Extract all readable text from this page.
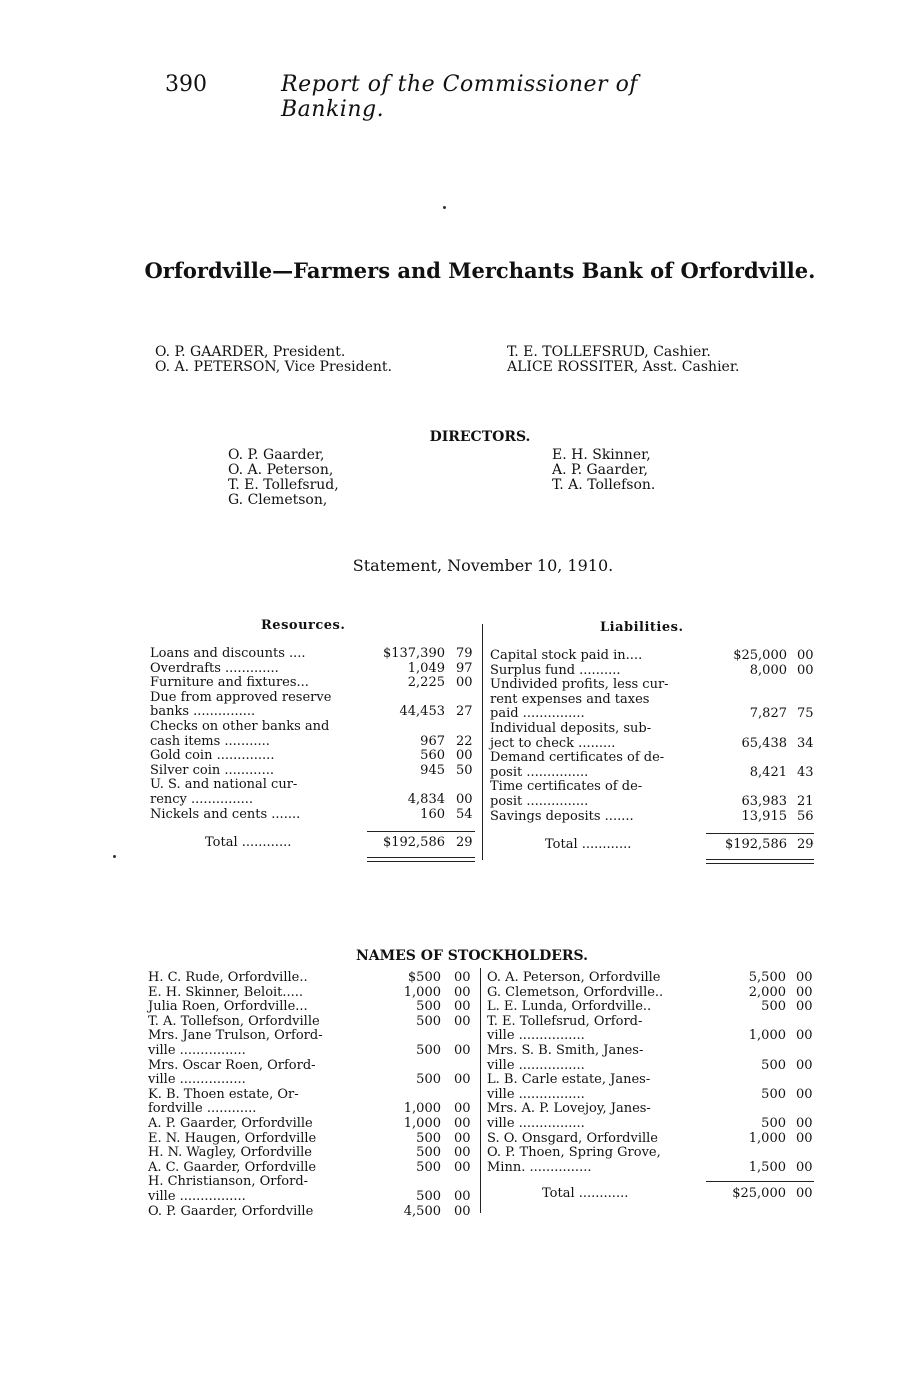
390	Report of the Commissioner of Banking.
Orfordville—Farmers and Merchants Bank of Orfordville.
O. P. GAARDER, President.
O. A. PETERSON, Vice President.
T. E. TOLLEFSRUD, Cashier.
ALICE ROSSITER, Asst. Cashier.
DIRECTORS.
O. P. Gaarder,
O. A. Peterson,
T. E. Tollefsrud,
G. Clemetson,
E. H. Skinner,
A. P. Gaarder,
T. A. Tollefson.
Statement, November 10, 1910.
Resources.	Liabilities.
Loans and discounts ....	$137,390 79
Overdrafts .............	1,049 97
Furniture and fixtures...	2,225 00
Due from approved reserve
banks ...............	44,453 27
Checks on other banks and
cash items ...........	967 22
Gold coin ..............	560 00
Silver coin ............	945 50
U. S. and national cur-
rency ...............	4,834 00
Nickels and cents .......	160 54
Capital stock paid in....	$25,000 00
Surplus fund ..........	8,000 00
Undivided profits, less cur-
rent expenses and taxes
paid ...............	7,827 75
Individual deposits, sub-
ject to check .........	65,438 34
Demand certificates of de-
posit ...............	8,421 43
Time certificates of de-
posit ...............	63,983 21
Savings deposits .......	13,915 56
Total ............	$192,586 29	Total ............	$192,586 29
NAMES OF STOCKHOLDERS.
H. C. Rude, Orfordville..	$500 00
E. H. Skinner, Beloit.....	1,000 00
Julia Roen, Orfordville...	500 00
T. A. Tollefson, Orfordville	500 00
Mrs. Jane Trulson, Orford-
ville ................	500 00
Mrs. Oscar Roen, Orford-
ville ................	500 00
K. B. Thoen estate, Or-
fordville ............	1,000 00
A. P. Gaarder, Orfordville	1,000 00
E. N. Haugen, Orfordville	500 00
H. N. Wagley, Orfordville	500 00
A. C. Gaarder, Orfordville	500 00
H. Christianson, Orford-
ville ................	500 00
O. P. Gaarder, Orfordville	4,500 00
O. A. Peterson, Orfordville	5,500 00
G. Clemetson, Orfordville..	2,000 00
L. E. Lunda, Orfordville..	500 00
T. E. Tollefsrud, Orford-
ville ................	1,000 00
Mrs. S. B. Smith, Janes-
ville ................	500 00
L. B. Carle estate, Janes-
ville ................	500 00
Mrs. A. P. Lovejoy, Janes-
ville ................	500 00
S. O. Onsgard, Orfordville	1,000 00
O. P. Thoen, Spring Grove,
Minn. ...............	1,500 00
Total ............	$25,000 00
